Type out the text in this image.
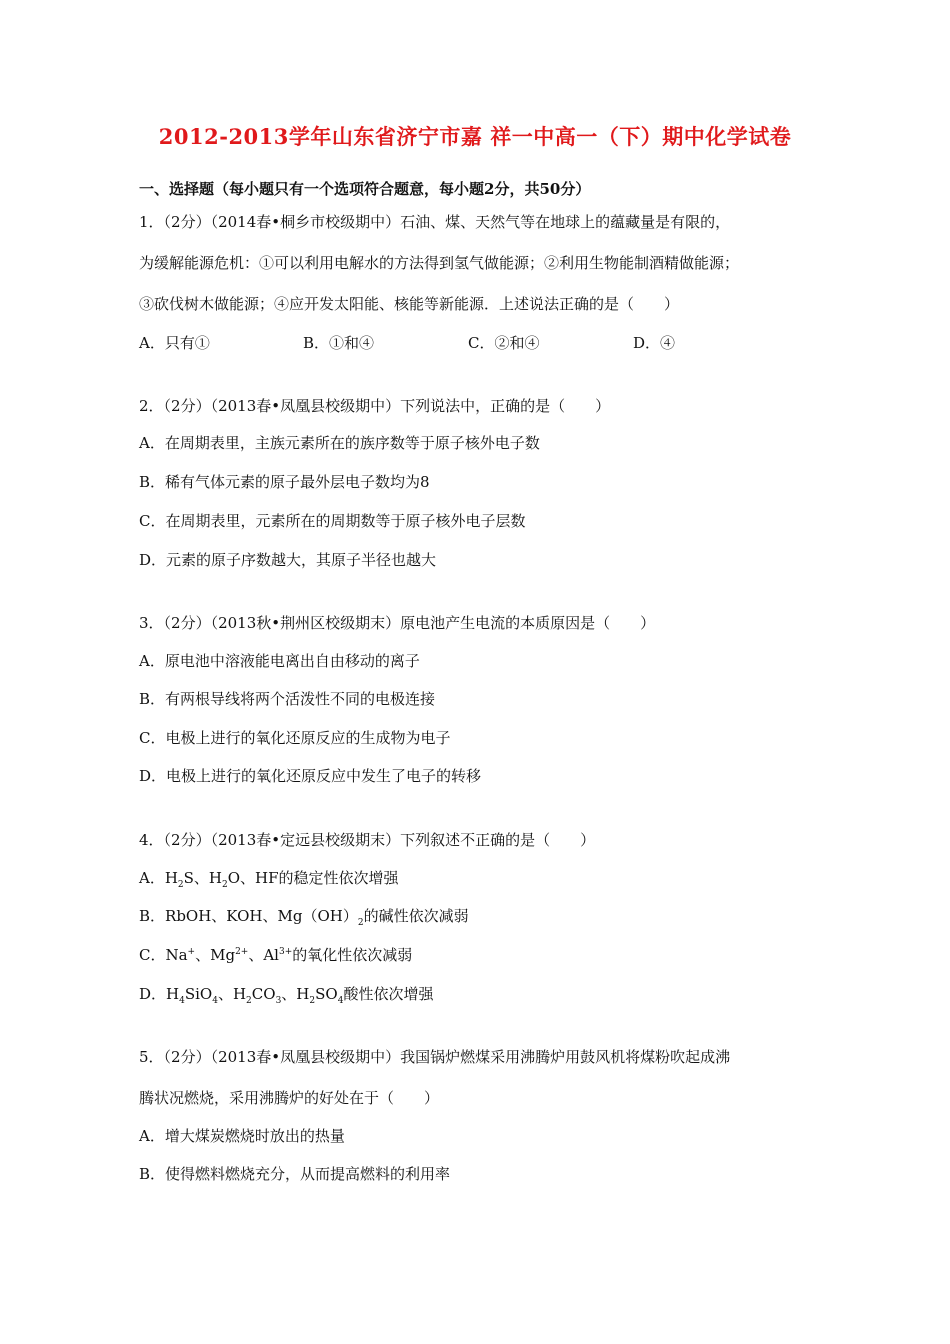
2012-2013学年山东省济宁市嘉 祥一中高一（下）期中化学试卷
一、选择题（每小题只有一个选项符合题意，每小题2分，共50分）
1．（2分）（2014春•桐乡市校级期中）石油、煤、天然气等在地球上的蕴藏量是有限的，
为缓解能源危机：①可以利用电解水的方法得到氢气做能源；②利用生物能制酒精做能源；
③砍伐树木做能源；④应开发太阳能、核能等新能源．上述说法正确的是（　　）
A．只有①	B．①和④	C．②和④	D．④
2．（2分）（2013春•凤凰县校级期中）下列说法中，正确的是（　　）
A．在周期表里，主族元素所在的族序数等于原子核外电子数
B．稀有气体元素的原子最外层电子数均为8
C．在周期表里，元素所在的周期数等于原子核外电子层数
D．元素的原子序数越大，其原子半径也越大
3．（2分）（2013秋•荆州区校级期末）原电池产生电流的本质原因是（　　）
A．原电池中溶液能电离出自由移动的离子
B．有两根导线将两个活泼性不同的电极连接
C．电极上进行的氧化还原反应的生成物为电子
D．电极上进行的氧化还原反应中发生了电子的转移
4．（2分）（2013春•定远县校级期末）下列叙述不正确的是（　　）
A．$H_2S$、$H_2O$、HF的稳定性依次增强
B．RbOH、KOH、$Mg(OH)_2$的碱性依次减弱
C．Na+、$Mg^{2+}$、$Al^{3+}$的氧化性依次减弱
D．$H_4SiO_4$、$H_2CO_3$、$H_2SO_4$酸性依次增强
5．（2分）（2013春•凤凰县校级期中）我国锅炉燃煤采用沸腾炉用鼓风机将煤粉吹起成沸
腾状况燃烧，采用沸腾炉的好处在于（　　）
A．增大煤炭燃烧时放出的热量
B．使得燃料燃烧充分，从而提高燃料的利用率
